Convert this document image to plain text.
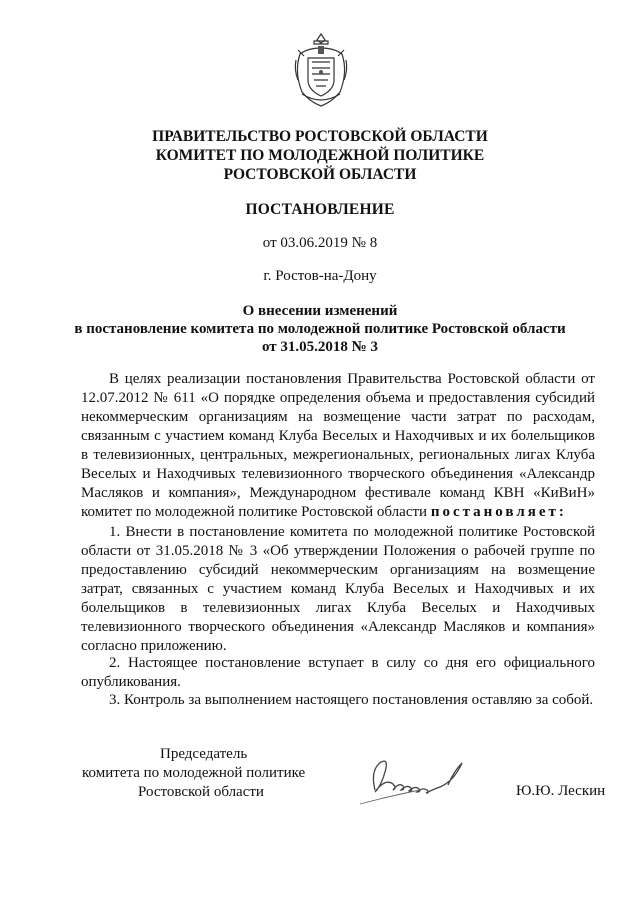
ПРАВИТЕЛЬСТВО РОСТОВСКОЙ ОБЛАСТИ
КОМИТЕТ ПО МОЛОДЕЖНОЙ ПОЛИТИКЕ
РОСТОВСКОЙ ОБЛАСТИ
ПОСТАНОВЛЕНИЕ
от 03.06.2019 № 8
г. Ростов-на-Дону
О внесении изменений
в постановление комитета по молодежной политике Ростовской области
от 31.05.2018 № 3
В целях реализации постановления Правительства Ростовской области от 12.07.2012 № 611 «О порядке определения объема и предоставления субсидий некоммерческим организациям на возмещение части затрат по расходам, связанным с участием команд Клуба Веселых и Находчивых и их болельщиков в телевизионных, центральных, межрегиональных, региональных лигах Клуба Веселых и Находчивых телевизионного творческого объединения «Александр Масляков и компания», Международном фестивале команд КВН «КиВиН» комитет по молодежной политике Ростовской области постановляет:
1. Внести в постановление комитета по молодежной политике Ростовской области от 31.05.2018 № 3 «Об утверждении Положения о рабочей группе по предоставлению субсидий некоммерческим организациям на возмещение затрат, связанных с участием команд Клуба Веселых и Находчивых и их болельщиков в телевизионных лигах Клуба Веселых и Находчивых телевизионного творческого объединения «Александр Масляков и компания» согласно приложению.
2. Настоящее постановление вступает в силу со дня его официального опубликования.
3. Контроль за выполнением настоящего постановления оставляю за собой.
Председатель
комитета по молодежной политике
Ростовской области	Ю.Ю. Лескин
